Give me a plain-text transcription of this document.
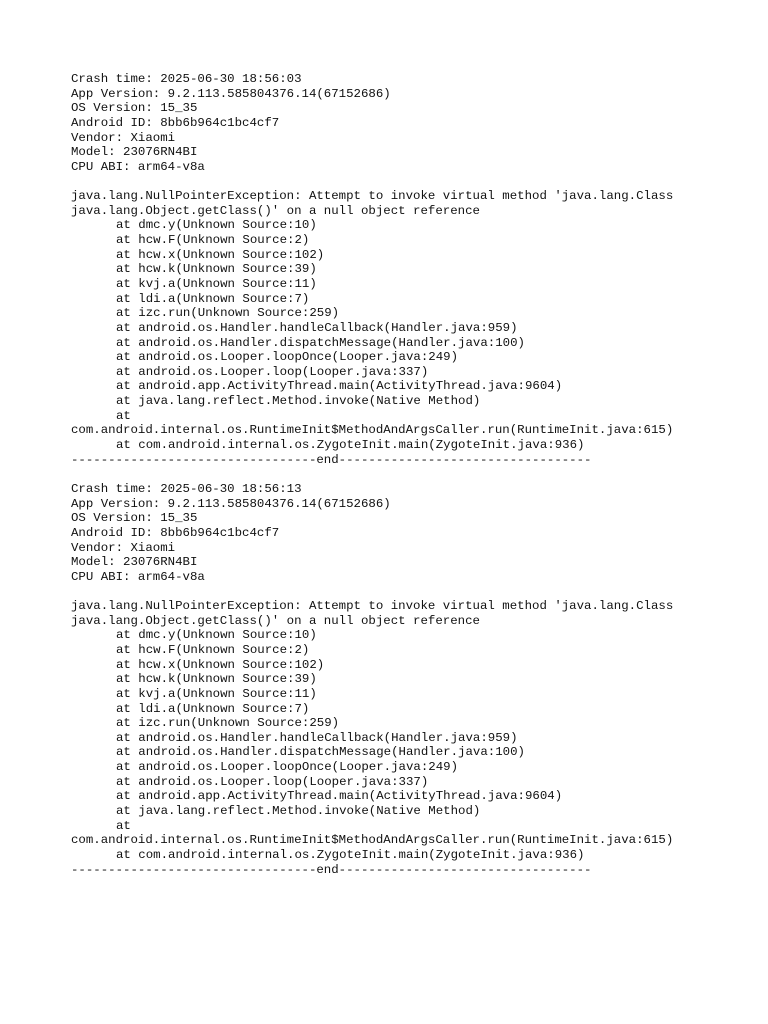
Crash time: 2025-06-30 18:56:03
App Version: 9.2.113.585804376.14(67152686)
OS Version: 15_35
Android ID: 8bb6b964c1bc4cf7
Vendor: Xiaomi
Model: 23076RN4BI
CPU ABI: arm64-v8a
java.lang.NullPointerException: Attempt to invoke virtual method 'java.lang.Class
java.lang.Object.getClass()' on a null object reference
at dmc.y(Unknown Source:10)
at hcw.F(Unknown Source:2)
at hcw.x(Unknown Source:102)
at hcw.k(Unknown Source:39)
at kvj.a(Unknown Source:11)
at ldi.a(Unknown Source:7)
at izc.run(Unknown Source:259)
at android.os.Handler.handleCallback(Handler.java:959)
at android.os.Handler.dispatchMessage(Handler.java:100)
at android.os.Looper.loopOnce(Looper.java:249)
at android.os.Looper.loop(Looper.java:337)
at android.app.ActivityThread.main(ActivityThread.java:9604)
at java.lang.reflect.Method.invoke(Native Method)
at
com.android.internal.os.RuntimeInit$MethodAndArgsCaller.run(RuntimeInit.java:615)
at com.android.internal.os.ZygoteInit.main(ZygoteInit.java:936)
---------------------------------end----------------------------------
Crash time: 2025-06-30 18:56:13
App Version: 9.2.113.585804376.14(67152686)
OS Version: 15_35
Android ID: 8bb6b964c1bc4cf7
Vendor: Xiaomi
Model: 23076RN4BI
CPU ABI: arm64-v8a
java.lang.NullPointerException: Attempt to invoke virtual method 'java.lang.Class
java.lang.Object.getClass()' on a null object reference
at dmc.y(Unknown Source:10)
at hcw.F(Unknown Source:2)
at hcw.x(Unknown Source:102)
at hcw.k(Unknown Source:39)
at kvj.a(Unknown Source:11)
at ldi.a(Unknown Source:7)
at izc.run(Unknown Source:259)
at android.os.Handler.handleCallback(Handler.java:959)
at android.os.Handler.dispatchMessage(Handler.java:100)
at android.os.Looper.loopOnce(Looper.java:249)
at android.os.Looper.loop(Looper.java:337)
at android.app.ActivityThread.main(ActivityThread.java:9604)
at java.lang.reflect.Method.invoke(Native Method)
at
com.android.internal.os.RuntimeInit$MethodAndArgsCaller.run(RuntimeInit.java:615)
at com.android.internal.os.ZygoteInit.main(ZygoteInit.java:936)
---------------------------------end----------------------------------
